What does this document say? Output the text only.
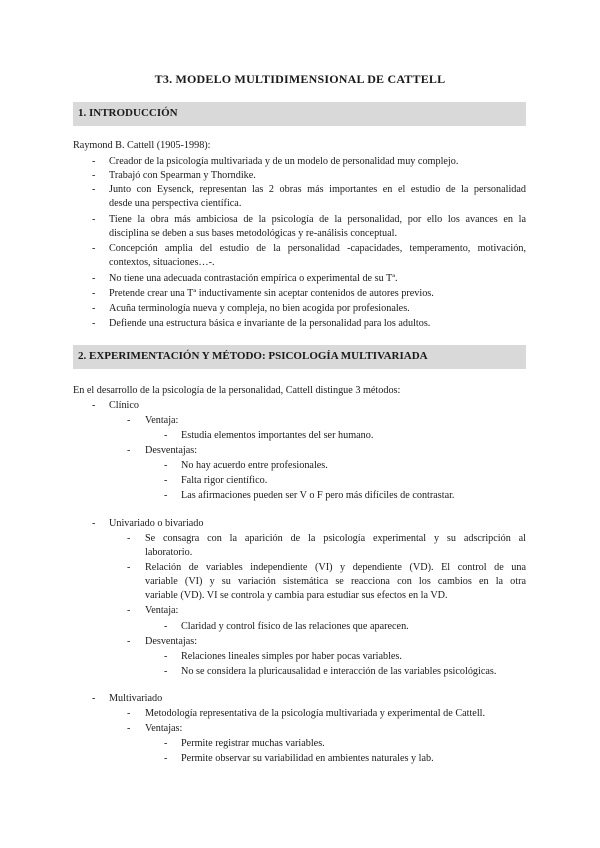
T3. MODELO MULTIDIMENSIONAL DE CATTELL
1. INTRODUCCIÓN
Raymond B. Cattell (1905-1998):
- Creador de la psicología multivariada y de un modelo de personalidad muy complejo.
- Trabajó con Spearman y Thorndike.
- Junto con Eysenck, representan las 2 obras más importantes en el estudio de la personalidad
desde una perspectiva científica.
- Tiene la obra más ambiciosa de la psicología de la personalidad, por ello los avances en la
disciplina se deben a sus bases metodológicas y re-análisis conceptual.
- Concepción amplia del estudio de la personalidad -capacidades, temperamento, motivación,
contextos, situaciones…-.
- No tiene una adecuada contrastación empírica o experimental de su Tª.
- Pretende crear una Tª inductivamente sin aceptar contenidos de autores previos.
- Acuña terminología nueva y compleja, no bien acogida por profesionales.
- Defiende una estructura básica e invariante de la personalidad para los adultos.
2. EXPERIMENTACIÓN Y MÉTODO: PSICOLOGÍA MULTIVARIADA
En el desarrollo de la psicología de la personalidad, Cattell distingue 3 métodos:
- Clínico
- Ventaja:
- Estudia elementos importantes del ser humano.
- Desventajas:
- No hay acuerdo entre profesionales.
- Falta rigor científico.
- Las afirmaciones pueden ser V o F pero más difíciles de contrastar.
- Univariado o bivariado
- Se consagra con la aparición de la psicología experimental y su adscripción al
laboratorio.
- Relación de variables independiente (VI) y dependiente (VD). El control de una
variable (VI) y su variación sistemática se reacciona con los cambios en la otra
variable (VD). VI se controla y cambia para estudiar sus efectos en la VD.
- Ventaja:
- Claridad y control físico de las relaciones que aparecen.
- Desventajas:
- Relaciones lineales simples por haber pocas variables.
- No se considera la pluricausalidad e interacción de las variables psicológicas.
- Multivariado
- Metodología representativa de la psicología multivariada y experimental de Cattell.
- Ventajas:
- Permite registrar muchas variables.
- Permite observar su variabilidad en ambientes naturales y lab.
